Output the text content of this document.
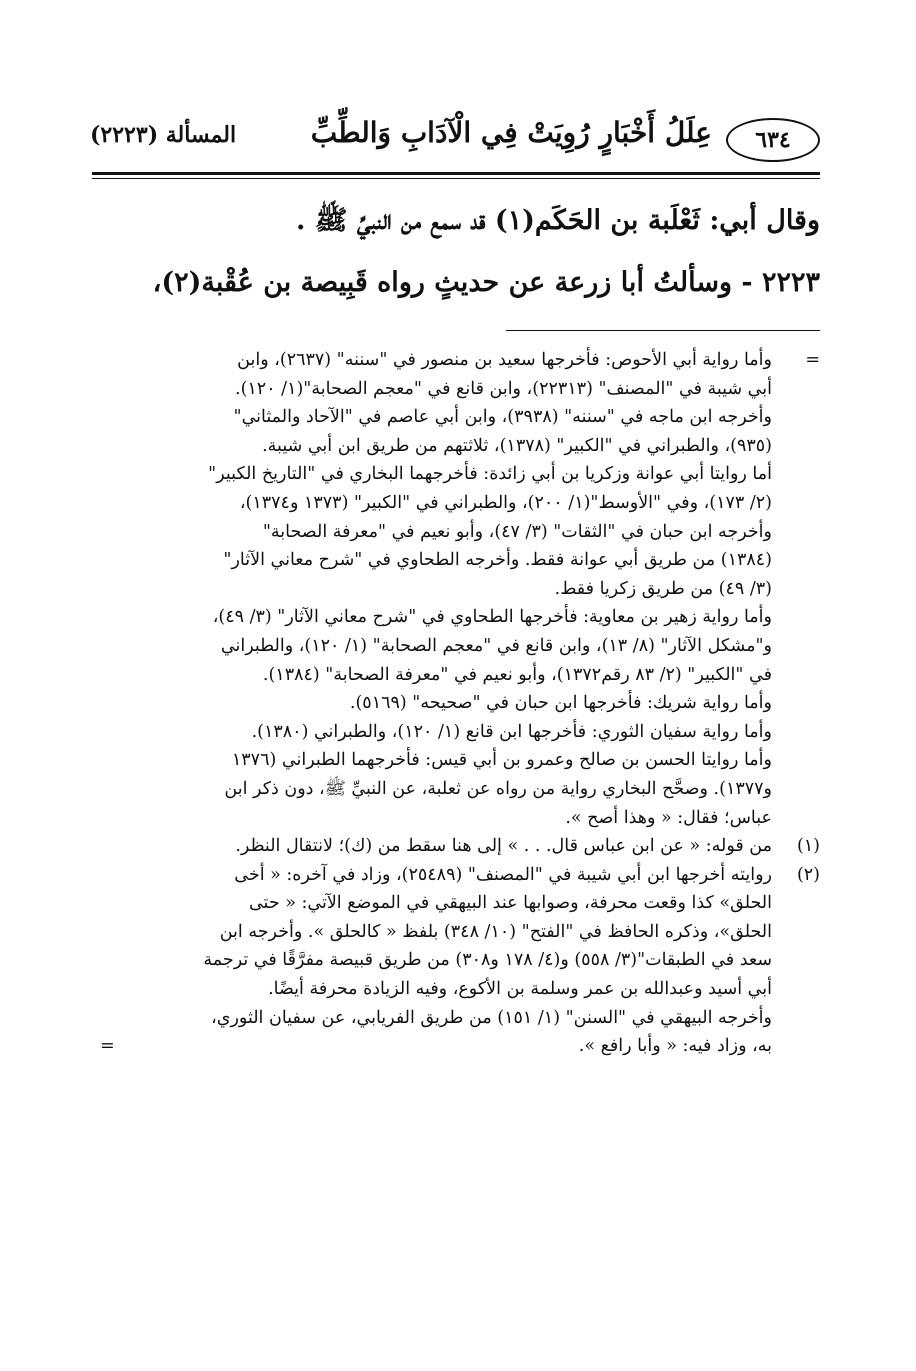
٦٣٤
عِلَلُ أَخْبَارٍ رُوِيَتْ فِي الْآدَابِ وَالطِّبِّ
المسألة (٢٢٢٣)

وقال أبي: ثَعْلَبة بن الحَكَم(١) قد سمع من النبيِّ ﷺ .

٢٢٢٣ - وسألتُ أبا زرعة عن حديثٍ رواه قَبِيصة بن عُقْبة(٢)،

=
وأما رواية أبي الأحوص: فأخرجها سعيد بن منصور في "سننه" (٢٦٣٧)، وابن
أبي شيبة في "المصنف" (٢٢٣١٣)، وابن قانع في "معجم الصحابة"(١/ ١٢٠).
وأخرجه ابن ماجه في "سننه" (٣٩٣٨)، وابن أبي عاصم في "الآحاد والمثاني"
(٩٣٥)، والطبراني في "الكبير" (١٣٧٨)، ثلاثتهم من طريق ابن أبي شيبة.
أما روايتا أبي عوانة وزكريا بن أبي زائدة: فأخرجهما البخاري في "التاريخ الكبير"
(٢/ ١٧٣)، وفي "الأوسط"(١/ ٢٠٠)، والطبراني في "الكبير" (١٣٧٣ و١٣٧٤)،
وأخرجه ابن حبان في "الثقات" (٣/ ٤٧)، وأبو نعيم في "معرفة الصحابة"
(١٣٨٤) من طريق أبي عوانة فقط. وأخرجه الطحاوي في "شرح معاني الآثار"
(٣/ ٤٩) من طريق زكريا فقط.
وأما رواية زهير بن معاوية: فأخرجها الطحاوي في "شرح معاني الآثار" (٣/ ٤٩)،
و"مشكل الآثار" (٨/ ١٣)، وابن قانع في "معجم الصحابة" (١/ ١٢٠)، والطبراني
في "الكبير" (٢/ ٨٣ رقم١٣٧٢)، وأبو نعيم في "معرفة الصحابة" (١٣٨٤).
وأما رواية شريك: فأخرجها ابن حبان في "صحيحه" (٥١٦٩).
وأما رواية سفيان الثوري: فأخرجها ابن قانع (١/ ١٢٠)، والطبراني (١٣٨٠).
وأما روايتا الحسن بن صالح وعمرو بن أبي قيس: فأخرجهما الطبراني (١٣٧٦
و١٣٧٧). وصحَّح البخاري رواية من رواه عن ثعلبة، عن النبيِّ ﷺ، دون ذكر ابن
عباس؛ فقال: « وهذا أصح ».
(١)
من قوله: « عن ابن عباس قال. . . » إلى هنا سقط من (ك)؛ لانتقال النظر.
(٢)
روايته أخرجها ابن أبي شيبة في "المصنف" (٢٥٤٨٩)، وزاد في آخره: « أخى
الحلق» كذا وقعت محرفة، وصوابها عند البيهقي في الموضع الآتي: « حتى
الحلق»، وذكره الحافظ في "الفتح" (١٠/ ٣٤٨) بلفظ « كالحلق ». وأخرجه ابن
سعد في الطبقات"(٣/ ٥٥٨) و(٤/ ١٧٨ و٣٠٨) من طريق قبيصة مفرَّقًا في ترجمة
أبي أسيد وعبدالله بن عمر وسلمة بن الأكوع، وفيه الزيادة محرفة أيضًا.
وأخرجه البيهقي في "السنن" (١/ ١٥١) من طريق الفريابي، عن سفيان الثوري،
به، وزاد فيه: « وأبا رافع ».
=
